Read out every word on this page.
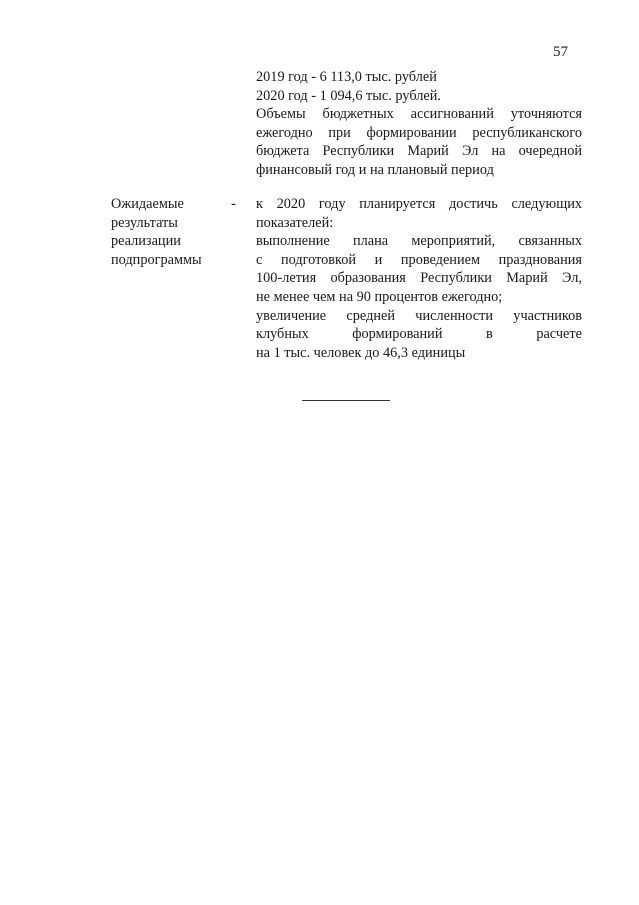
57
2019 год - 6 113,0 тыс. рублей
2020 год - 1 094,6 тыс. рублей.
Объемы бюджетных ассигнований уточняются
ежегодно при формировании республиканского
бюджета Республики Марий Эл на очередной
финансовый год и на плановый период
Ожидаемые
результаты
реализации
подпрограммы
- к 2020 году планируется достичь следующих
показателей:
выполнение плана мероприятий, связанных
с подготовкой и проведением празднования
100-летия образования Республики Марий Эл,
не менее чем на 90 процентов ежегодно;
увеличение средней численности участников
клубных формирований в расчете
на 1 тыс. человек до 46,3 единицы
